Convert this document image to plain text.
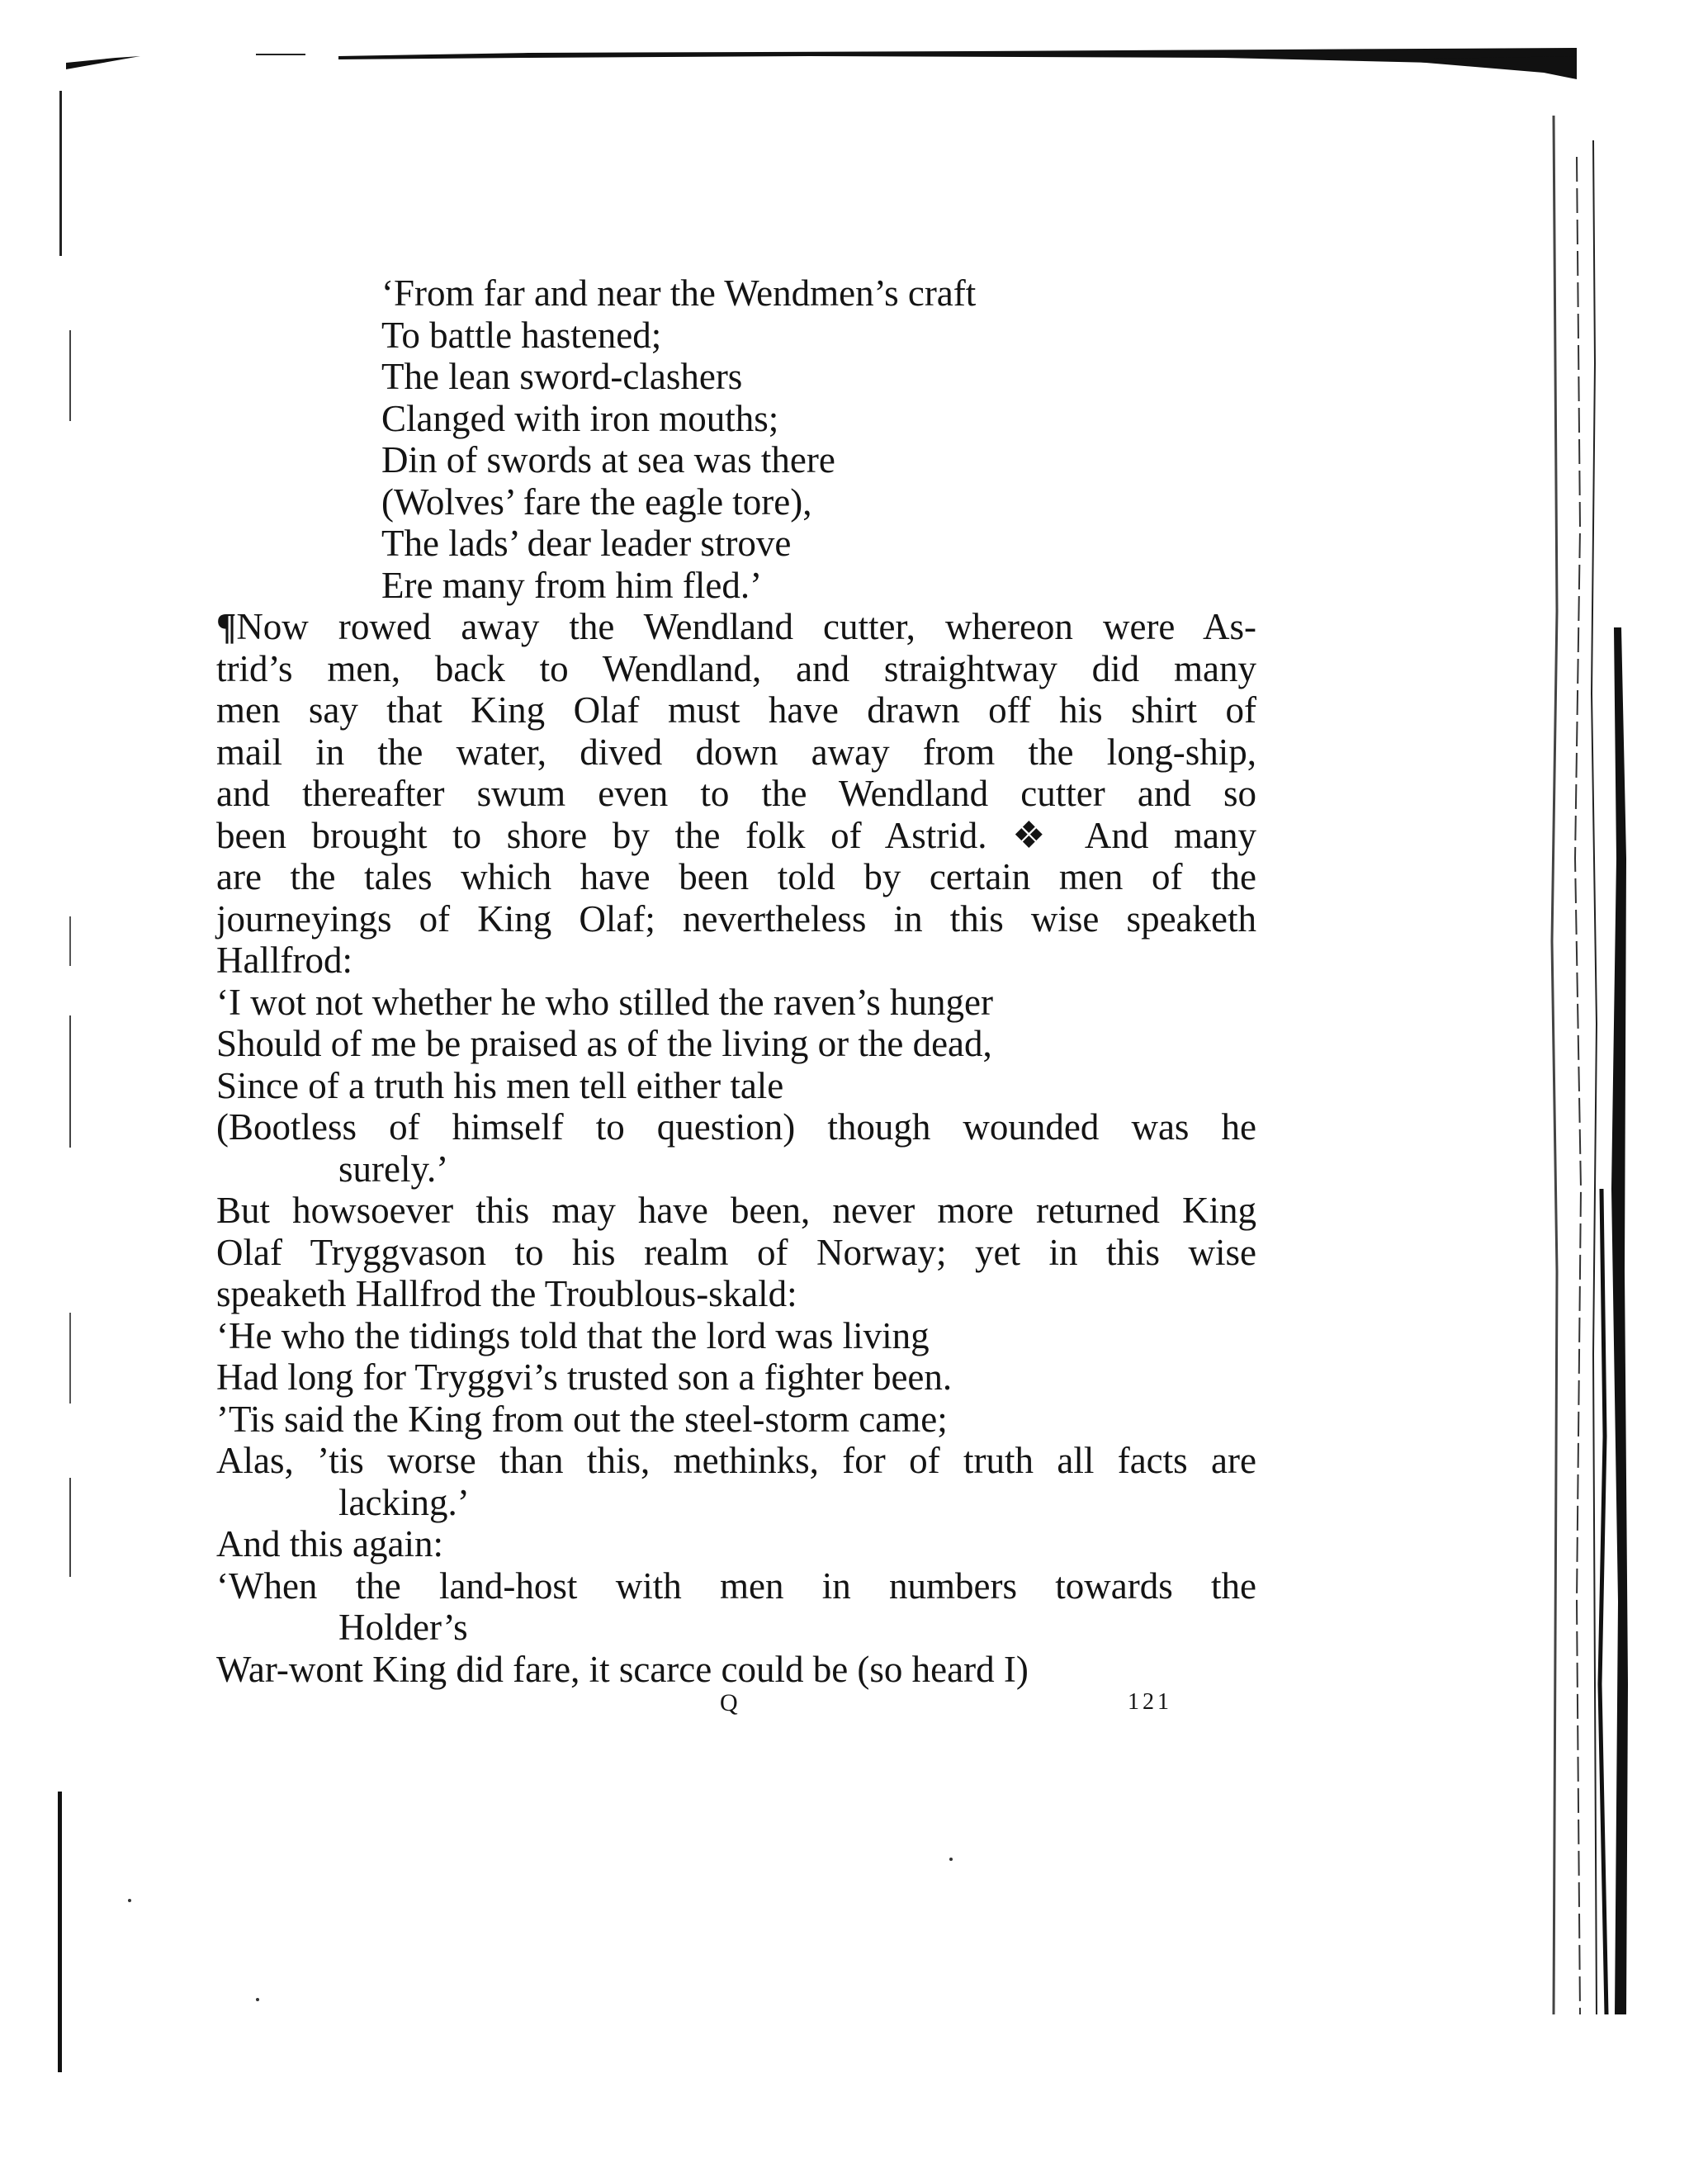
‘From far and near the Wendmen’s craft
To battle hastened;
The lean sword-clashers
Clanged with iron mouths;
Din of swords at sea was there
(Wolves’ fare the eagle tore),
The lads’ dear leader strove
Ere many from him fled.’
¶Now rowed away the Wendland cutter, whereon were As-
trid’s men, back to Wendland, and straightway did many
men say that King Olaf must have drawn off his shirt of
mail in the water, dived down away from the long-ship,
and thereafter swum even to the Wendland cutter and so
been brought to shore by the folk of Astrid. ❖ And many
are the tales which have been told by certain men of the
journeyings of King Olaf; nevertheless in this wise speaketh
Hallfrod:
‘I wot not whether he who stilled the raven’s hunger
Should of me be praised as of the living or the dead,
Since of a truth his men tell either tale
(Bootless of himself to question) though wounded was he
surely.’
But howsoever this may have been, never more returned King
Olaf Tryggvason to his realm of Norway; yet in this wise
speaketh Hallfrod the Troublous-skald:
‘He who the tidings told that the lord was living
Had long for Tryggvi’s trusted son a fighter been.
’Tis said the King from out the steel-storm came;
Alas, ’tis worse than this, methinks, for of truth all facts are
lacking.’
And this again:
‘When the land-host with men in numbers towards the
Holder’s
War-wont King did fare, it scarce could be (so heard I)
Q	121
